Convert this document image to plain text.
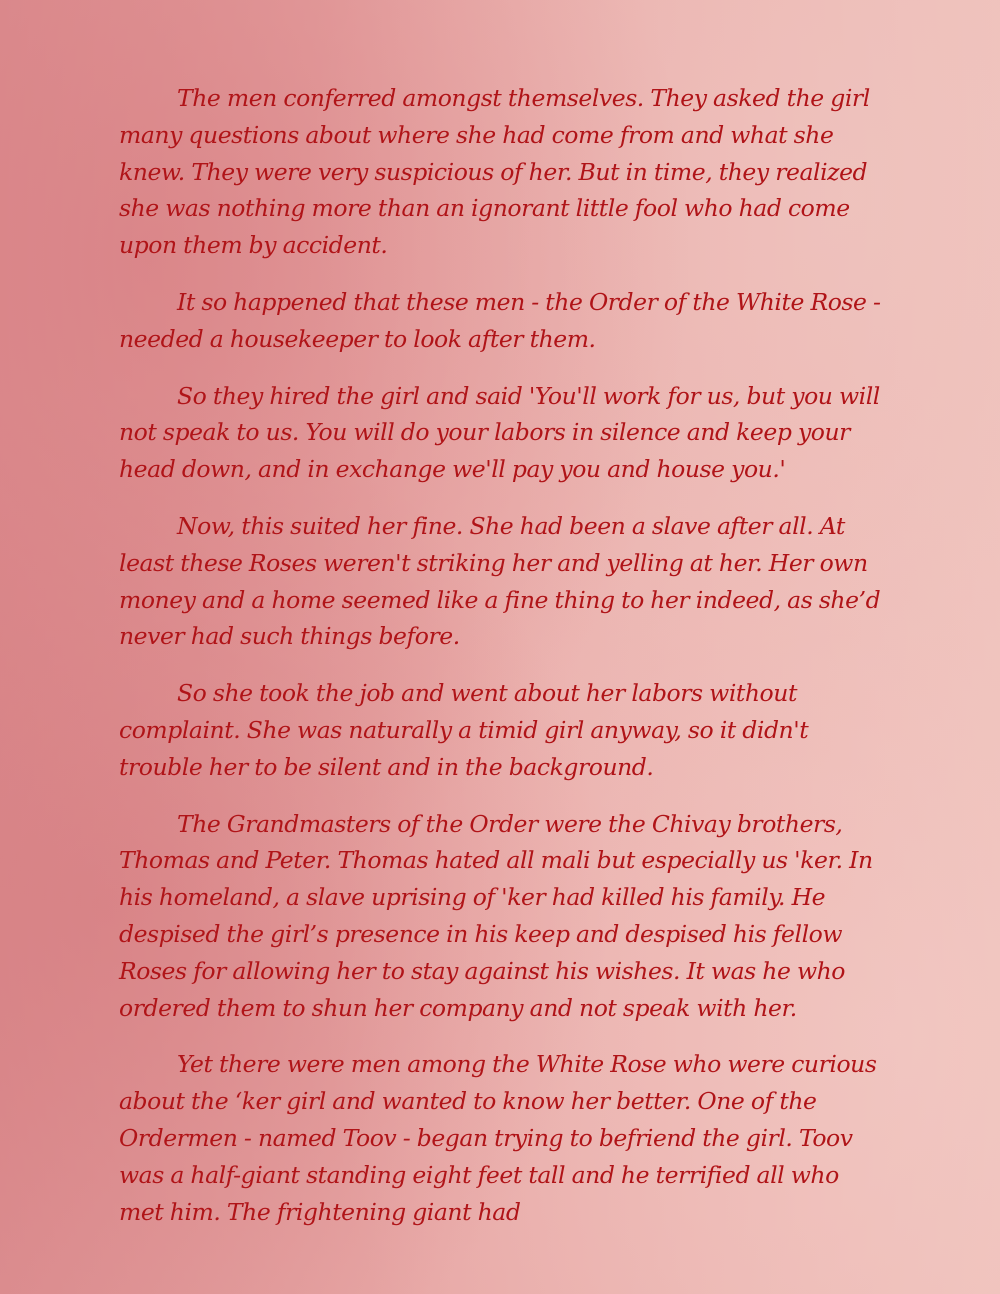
The men conferred amongst themselves. They asked the girl many questions about where she had come from and what she knew. They were very suspicious of her. But in time, they realized she was nothing more than an ignorant little fool who had come upon them by accident.

It so happened that these men - the Order of the White Rose - needed a housekeeper to look after them.

So they hired the girl and said 'You'll work for us, but you will not speak to us. You will do your labors in silence and keep your head down, and in exchange we'll pay you and house you.'

Now, this suited her fine. She had been a slave after all. At least these Roses weren't striking her and yelling at her. Her own money and a home seemed like a fine thing to her indeed, as she’d never had such things before.

So she took the job and went about her labors without complaint. She was naturally a timid girl anyway, so it didn't trouble her to be silent and in the background.

The Grandmasters of the Order were the Chivay brothers, Thomas and Peter. Thomas hated all mali but especially us 'ker. In his homeland, a slave uprising of 'ker had killed his family. He despised the girl’s presence in his keep and despised his fellow Roses for allowing her to stay against his wishes. It was he who ordered them to shun her company and not speak with her.

Yet there were men among the White Rose who were curious about the ‘ker girl and wanted to know her better. One of the Ordermen - named Toov - began trying to befriend the girl. Toov was a half-giant standing eight feet tall and he terrified all who met him. The frightening giant had
